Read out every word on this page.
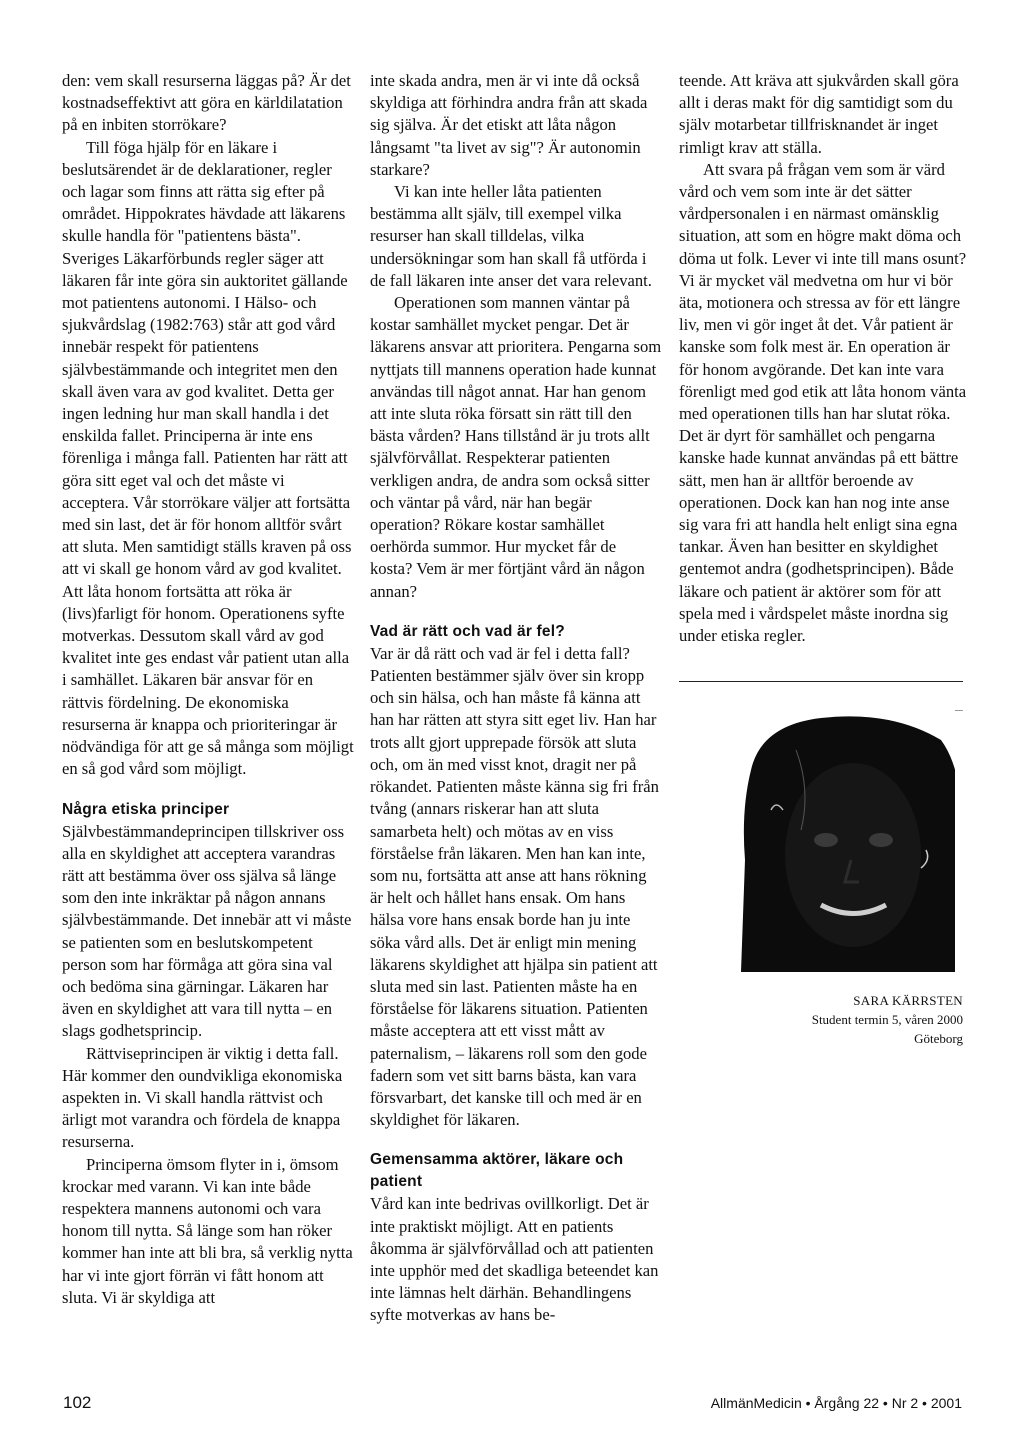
den: vem skall resurserna läggas på? Är det kostnadseffektivt att göra en kärldilatation på en inbiten storrökare?

Till föga hjälp för en läkare i beslutsärendet är de deklarationer, regler och lagar som finns att rätta sig efter på området. Hippokrates hävdade att läkarens skulle handla för "patientens bästa". Sveriges Läkarförbunds regler säger att läkaren får inte göra sin auktoritet gällande mot patientens autonomi. I Hälso- och sjukvårdslag (1982:763) står att god vård innebär respekt för patientens självbestämmande och integritet men den skall även vara av god kvalitet. Detta ger ingen ledning hur man skall handla i det enskilda fallet. Principerna är inte ens förenliga i många fall. Patienten har rätt att göra sitt eget val och det måste vi acceptera. Vår storrökare väljer att fortsätta med sin last, det är för honom alltför svårt att sluta. Men samtidigt ställs kraven på oss att vi skall ge honom vård av god kvalitet. Att låta honom fortsätta att röka är (livs)farligt för honom. Operationens syfte motverkas. Dessutom skall vård av god kvalitet inte ges endast vår patient utan alla i samhället. Läkaren bär ansvar för en rättvis fördelning. De ekonomiska resurserna är knappa och prioriteringar är nödvändiga för att ge så många som möjligt en så god vård som möjligt.

Några etiska principer

Självbestämmandeprincipen tillskriver oss alla en skyldighet att acceptera varandras rätt att bestämma över oss själva så länge som den inte inkräktar på någon annans självbestämmande. Det innebär att vi måste se patienten som en beslutskompetent person som har förmåga att göra sina val och bedöma sina gärningar. Läkaren har även en skyldighet att vara till nytta – en slags godhetsprincip.

Rättviseprincipen är viktig i detta fall. Här kommer den oundvikliga ekonomiska aspekten in. Vi skall handla rättvist och ärligt mot varandra och fördela de knappa resurserna.

Principerna ömsom flyter in i, ömsom krockar med varann. Vi kan inte både respektera mannens autonomi och vara honom till nytta. Så länge som han röker kommer han inte att bli bra, så verklig nytta har vi inte gjort förrän vi fått honom att sluta. Vi är skyldiga att

inte skada andra, men är vi inte då också skyldiga att förhindra andra från att skada sig själva. Är det etiskt att låta någon långsamt "ta livet av sig"? Är autonomin starkare?

Vi kan inte heller låta patienten bestämma allt själv, till exempel vilka resurser han skall tilldelas, vilka undersökningar som han skall få utförda i de fall läkaren inte anser det vara relevant.

Operationen som mannen väntar på kostar samhället mycket pengar. Det är läkarens ansvar att prioritera. Pengarna som nyttjats till mannens operation hade kunnat användas till något annat. Har han genom att inte sluta röka försatt sin rätt till den bästa vården? Hans tillstånd är ju trots allt självförvållat. Respekterar patienten verkligen andra, de andra som också sitter och väntar på vård, när han begär operation? Rökare kostar samhället oerhörda summor. Hur mycket får de kosta? Vem är mer förtjänt vård än någon annan?

Vad är rätt och vad är fel?

Var är då rätt och vad är fel i detta fall? Patienten bestämmer själv över sin kropp och sin hälsa, och han måste få känna att han har rätten att styra sitt eget liv. Han har trots allt gjort upprepade försök att sluta och, om än med visst knot, dragit ner på rökandet. Patienten måste känna sig fri från tvång (annars riskerar han att sluta samarbeta helt) och mötas av en viss förståelse från läkaren. Men han kan inte, som nu, fortsätta att anse att hans rökning är helt och hållet hans ensak. Om hans hälsa vore hans ensak borde han ju inte söka vård alls. Det är enligt min mening läkarens skyldighet att hjälpa sin patient att sluta med sin last. Patienten måste ha en förståelse för läkarens situation. Patienten måste acceptera att ett visst mått av paternalism, – läkarens roll som den gode fadern som vet sitt barns bästa, kan vara försvarbart, det kanske till och med är en skyldighet för läkaren.

Gemensamma aktörer, läkare och patient

Vård kan inte bedrivas ovillkorligt. Det är inte praktiskt möjligt. Att en patients åkomma är självförvållad och att patienten inte upphör med det skadliga beteendet kan inte lämnas helt därhän. Behandlingens syfte motverkas av hans be-

teende. Att kräva att sjukvården skall göra allt i deras makt för dig samtidigt som du själv motarbetar tillfrisknandet är inget rimligt krav att ställa.

Att svara på frågan vem som är värd vård och vem som inte är det sätter vårdpersonalen i en närmast omänsklig situation, att som en högre makt döma och döma ut folk. Lever vi inte till mans osunt? Vi är mycket väl medvetna om hur vi bör äta, motionera och stressa av för ett längre liv, men vi gör inget åt det. Vår patient är kanske som folk mest är. En operation är för honom avgörande. Det kan inte vara förenligt med god etik att låta honom vänta med operationen tills han har slutat röka. Det är dyrt för samhället och pengarna kanske hade kunnat användas på ett bättre sätt, men han är alltför beroende av operationen. Dock kan han nog inte anse sig vara fri att handla helt enligt sina egna tankar. Även han besitter en skyldighet gentemot andra (godhetsprincipen). Både läkare och patient är aktörer som för att spela med i vårdspelet måste inordna sig under etiska regler.

SARA KÄRRSTEN
Student termin 5, våren 2000
Göteborg
102	AllmänMedicin • Årgång 22 • Nr 2 • 2001
